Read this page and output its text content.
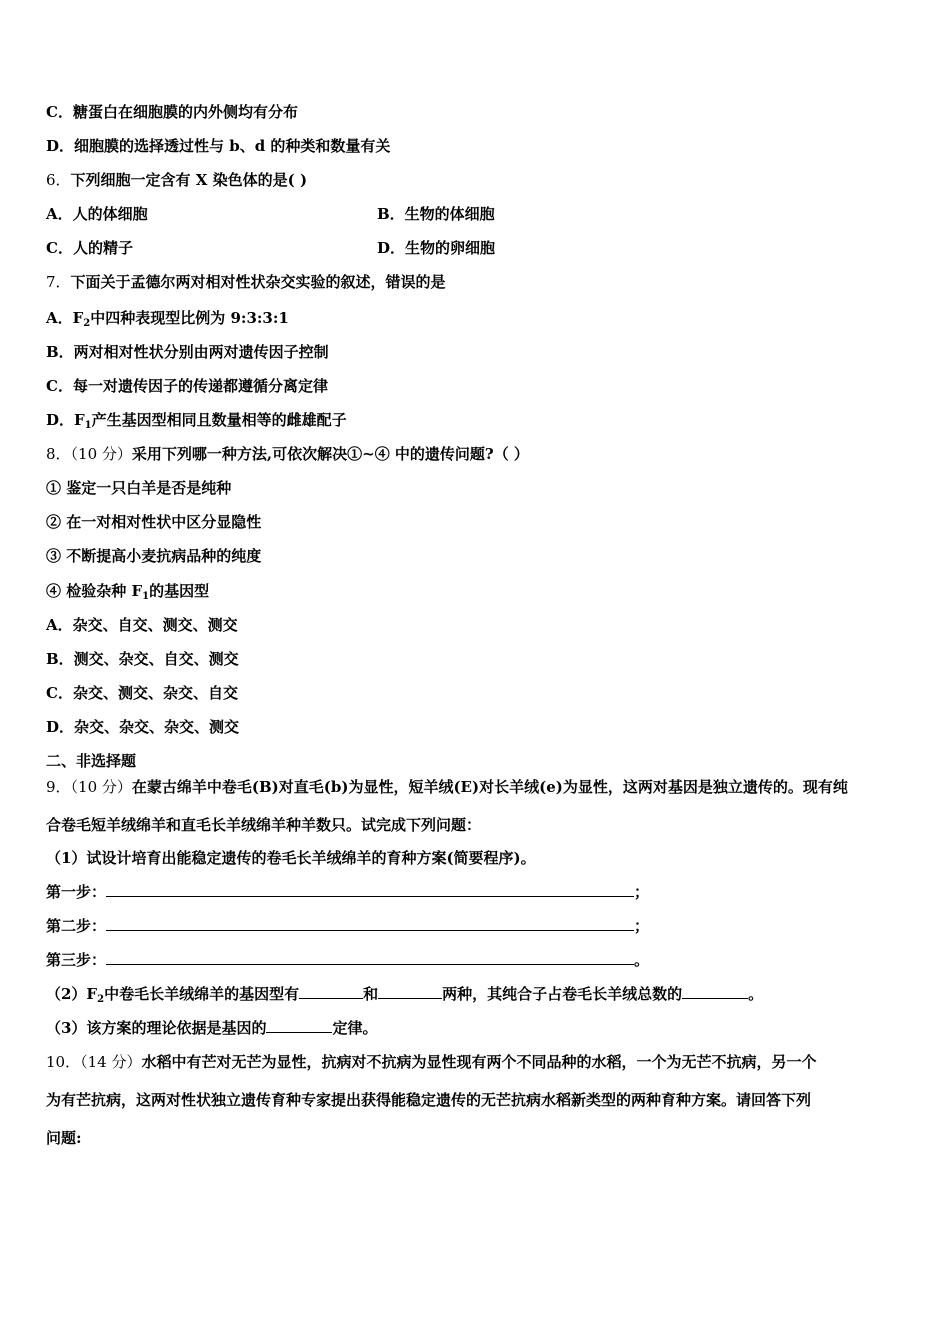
C．糖蛋白在细胞膜的内外侧均有分布
D．细胞膜的选择透过性与 b、d 的种类和数量有关
6．下列细胞一定含有 X 染色体的是( )
A．人的体细胞	B．生物的体细胞
C．人的精子	D．生物的卵细胞
7．下面关于孟德尔两对相对性状杂交实验的叙述，错误的是
A．$F_2$中四种表现型比例为 9:3:3:1
B．两对相对性状分别由两对遗传因子控制
C．每一对遗传因子的传递都遵循分离定律
D．$F_1$产生基因型相同且数量相等的雌雄配子
8．（10 分）采用下列哪一种方法,可依次解决①~④ 中的遗传问题?（ ）
① 鉴定一只白羊是否是纯种
② 在一对相对性状中区分显隐性
③ 不断提高小麦抗病品种的纯度
④ 检验杂种 $F_1$的基因型
A．杂交、自交、测交、测交
B．测交、杂交、自交、测交
C．杂交、测交、杂交、自交
D．杂交、杂交、杂交、测交
二、非选择题
9．（10 分）在蒙古绵羊中卷毛(B)对直毛(b)为显性，短羊绒(E)对长羊绒(e)为显性，这两对基因是独立遗传的。现有纯
合卷毛短羊绒绵羊和直毛长羊绒绵羊种羊数只。试完成下列问题：
（1）试设计培育出能稳定遗传的卷毛长羊绒绵羊的育种方案(简要程序)。
第一步：	；
第二步：	；
第三步：	。
$(2)F_2$中卷毛长羊绒绵羊的基因型有	和	两种，其纯合子占卷毛长羊绒总数的	。
（3）该方案的理论依据是基因的	定律。
10．（14 分）水稻中有芒对无芒为显性，抗病对不抗病为显性现有两个不同品种的水稻，一个为无芒不抗病，另一个
为有芒抗病，这两对性状独立遗传育种专家提出获得能稳定遗传的无芒抗病水稻新类型的两种育种方案。请回答下列
问题:
